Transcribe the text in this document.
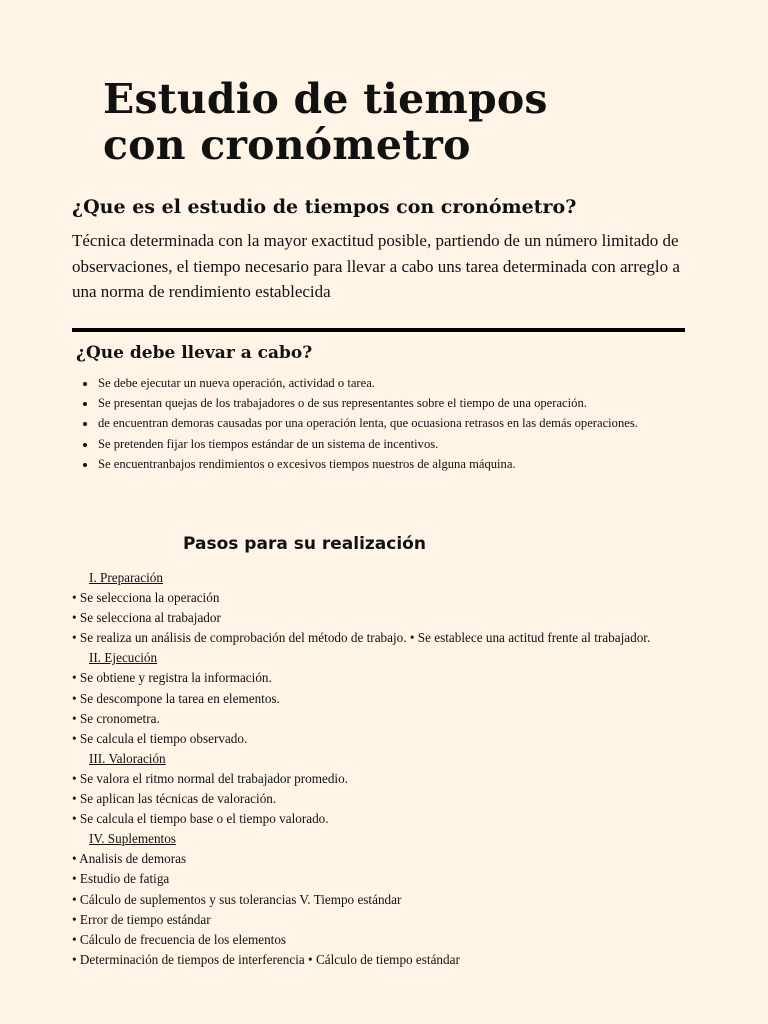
Estudio de tiempos
con cronómetro
¿Que es el estudio de tiempos con cronómetro?

Técnica determinada con la mayor exactitud posible, partiendo de un número limitado de observaciones, el tiempo necesario para llevar a cabo uns tarea determinada con arreglo a una norma de rendimiento establecida

¿Que debe llevar a cabo?
• Se debe ejecutar un nueva operación, actividad o tarea.
• Se presentan quejas de los trabajadores o de sus representantes sobre el tiempo de una operación.
• de encuentran demoras causadas por una operación lenta, que ocuasiona retrasos en las demás operaciones.
• Se pretenden fijar los tiempos estándar de un sistema de incentivos.
• Se encuentranbajos rendimientos o excesivos tiempos nuestros de alguna máquina.
Pasos para su realización
I. Preparación
• Se selecciona la operación
• Se selecciona al trabajador
• Se realiza un análisis de comprobación del método de trabajo. • Se establece una actitud frente al trabajador.
II. Ejecución
• Se obtiene y registra la información.
• Se descompone la tarea en elementos.
• Se cronometra.
• Se calcula el tiempo observado.
III. Valoración
• Se valora el ritmo normal del trabajador promedio.
• Se aplican las técnicas de valoración.
• Se calcula el tiempo base o el tiempo valorado.
IV. Suplementos
• Analisis de demoras
• Estudio de fatiga
• Cálculo de suplementos y sus tolerancias V. Tiempo estándar
• Error de tiempo estándar
• Cálculo de frecuencia de los elementos
• Determinación de tiempos de interferencia • Cálculo de tiempo estándar
